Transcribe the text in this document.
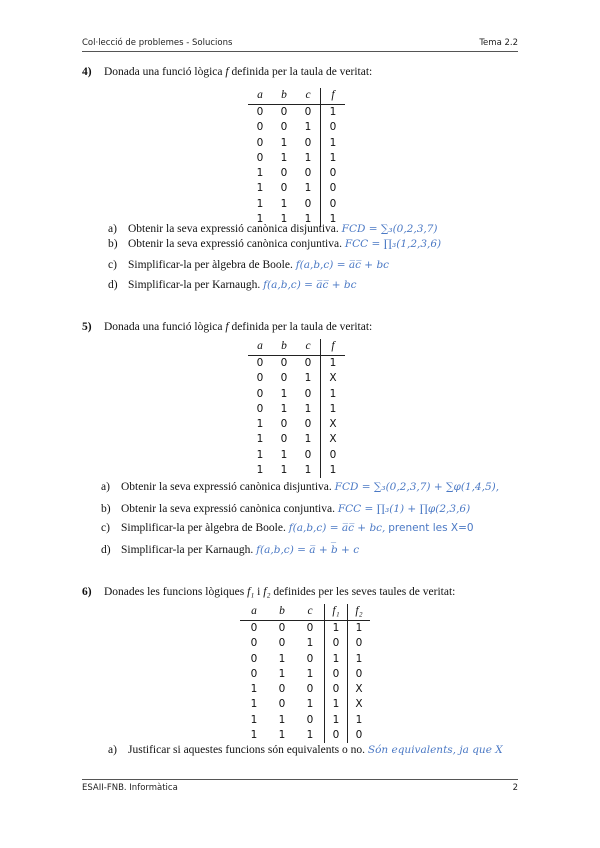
Col·lecció de problemes - Solucions	Tema 2.2
4) Donada una funció lògica f definida per la taula de veritat:
a	b	c	f
0	0	0	1
0	0	1	0
0	1	0	1
0	1	1	1
1	0	0	0
1	0	1	0
1	1	0	0
1	1	1	1
a) Obtenir la seva expressió canònica disjuntiva. FCD = ∑₃(0,2,3,7)
b) Obtenir la seva expressió canònica conjuntiva. FCC = ∏₃(1,2,3,6)
c) Simplificar-la per àlgebra de Boole. f(a,b,c) = a̅c̅ + bc
d) Simplificar-la per Karnaugh. f(a,b,c) = a̅c̅ + bc
5) Donada una funció lògica f definida per la taula de veritat:
a	b	c	f
0	0	0	1
0	0	1	X
0	1	0	1
0	1	1	1
1	0	0	X
1	0	1	X
1	1	0	0
1	1	1	1
a) Obtenir la seva expressió canònica disjuntiva. FCD = ∑₃(0,2,3,7) + ∑φ(1,4,5),
b) Obtenir la seva expressió canònica conjuntiva. FCC = ∏₃(1) + ∏φ(2,3,6)
c) Simplificar-la per àlgebra de Boole. f(a,b,c) = a̅c̅ + bc, prenent les X=0
d) Simplificar-la per Karnaugh. f(a,b,c) = a̅ + b̅ + c
6) Donades les funcions lògiques f₁ i f₂ definides per les seves taules de veritat:
a	b	c	f₁	f₂
0	0	0	1	1
0	0	1	0	0
0	1	0	1	1
0	1	1	0	0
1	0	0	0	X
1	0	1	1	X
1	1	0	1	1
1	1	1	0	0
a) Justificar si aquestes funcions són equivalents o no. Són equivalents, ja que X
ESAII-FNB. Informàtica	2
